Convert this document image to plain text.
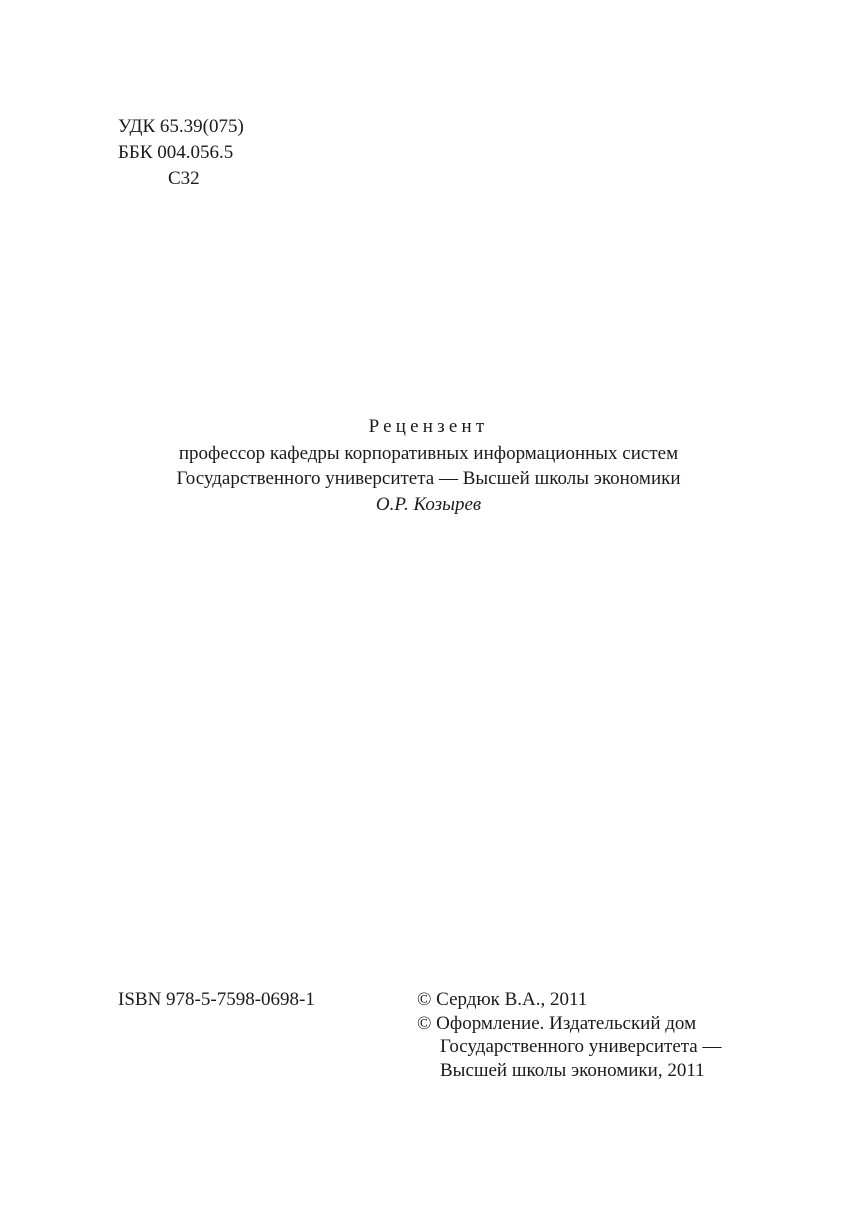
УДК 65.39(075)
ББК 004.056.5
С32
Рецензент
профессор кафедры корпоративных информационных систем
Государственного университета — Высшей школы экономики
О.Р. Козырев
ISBN 978-5-7598-0698-1	© Сердюк В.А., 2011
© Оформление. Издательский дом
Государственного университета —
Высшей школы экономики, 2011
